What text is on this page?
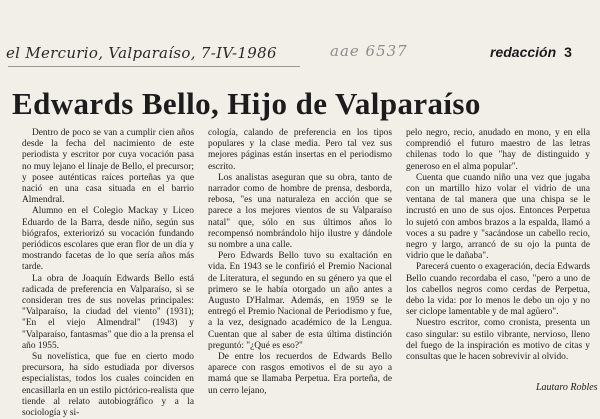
el Mercurio, Valparaíso, 7-IV-1986	aae 6537	redacción 3
Edwards Bello, Hijo de Valparaíso

Dentro de poco se van a cumplir cien años desde la fecha del nacimiento de este periodista y escritor por cuya vocación pasa no muy lejano el linaje de Bello, el precursor; y posee auténticas raíces porteñas ya que nació en una casa situada en el barrio Almendral.

Alumno en el Colegio Mackay y Liceo Eduardo de la Barra, desde niño, según sus biógrafos, exteriorizó su vocación fundando periódicos escolares que eran flor de un día y mostrando facetas de lo que sería años más tarde.

La obra de Joaquín Edwards Bello está radicada de preferencia en Valparaíso, si se consideran tres de sus novelas principales: "Valparaíso, la ciudad del viento" (1931); "En el viejo Almendral" (1943) y "Valparaíso, fantasmas" que dio a la prensa el año 1955.

Su novelística, que fue en cierto modo precursora, ha sido estudiada por diversos especialistas, todos los cuales coinciden en encasillarla en un estilo pictórico-realista que tiende al relato autobiográfico y a la sociología y si-

cología, calando de preferencia en los tipos populares y la clase media. Pero tal vez sus mejores páginas están insertas en el periodismo escrito.

Los analistas aseguran que su obra, tanto de narrador como de hombre de prensa, desborda, rebosa, "es una naturaleza en acción que se parece a los mejores vientos de su Valparaíso natal" que, sólo en sus últimos años lo recompensó nombrándolo hijo ilustre y dándole su nombre a una calle.

Pero Edwards Bello tuvo su exaltación en vida. En 1943 se le confirió el Premio Nacional de Literatura, el segundo en su género ya que el primero se le había otorgado un año antes a Augusto D'Halmar. Además, en 1959 se le entregó el Premio Nacional de Periodismo y fue, a la vez, designado académico de la Lengua. Cuentan que al saber de esta última distinción preguntó: "¿Qué es eso?"

De entre los recuerdos de Edwards Bello aparece con rasgos emotivos el de su ayo a mamá que se llamaba Perpetua. Era porteña, de un cerro lejano,

pelo negro, recio, anudado en mono, y en ella comprendió el futuro maestro de las letras chilenas todo lo que "hay de distinguido y generoso en el alma popular".

Cuenta que cuando niño una vez que jugaba con un martillo hizo volar el vidrio de una ventana de tal manera que una chispa se le incrustó en uno de sus ojos. Entonces Perpetua lo sujetó con ambos brazos a la espalda, llamó a voces a su padre y "sacándose un cabello recio, negro y largo, arrancó de su ojo la punta de vidrio que le dañaba".

Parecerá cuento o exageración, decía Edwards Bello cuando recordaba el caso, "pero a uno de los cabellos negros como cerdas de Perpetua, debo la vida: por lo menos le debo un ojo y no ser ciclope lamentable y de mal agüero".

Nuestro escritor, como cronista, presenta un caso singular: su estilo vibrante, nervioso, lleno del fuego de la inspiración es motivo de citas y consultas que le hacen sobrevivir al olvido.

Lautaro Robles
